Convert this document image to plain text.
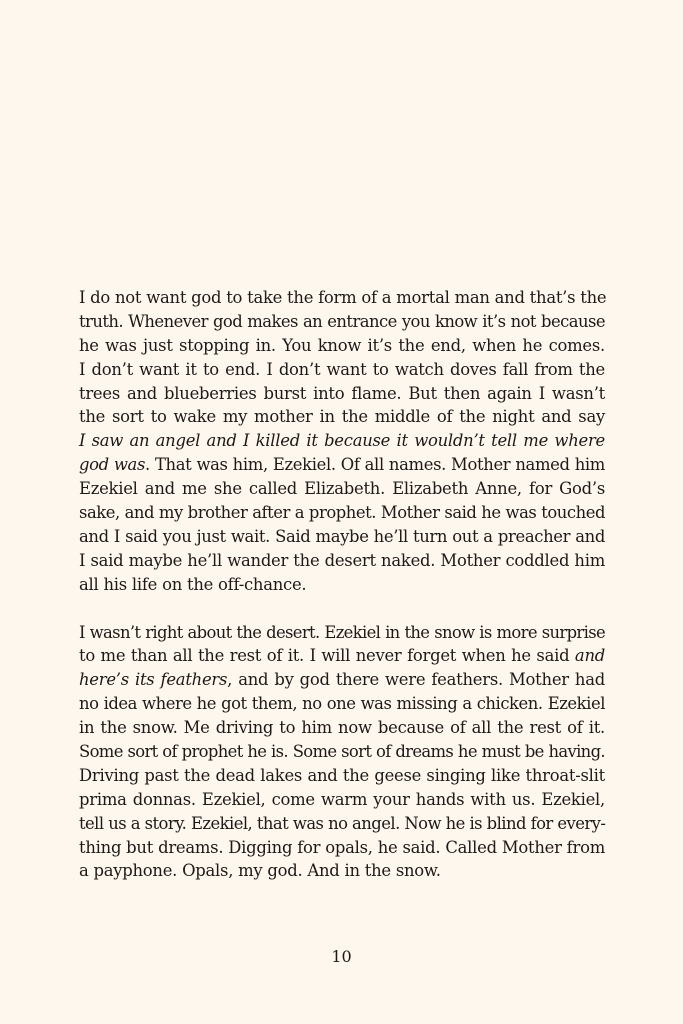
I do not want god to take the form of a mortal man and that’s the
truth. Whenever god makes an entrance you know it’s not because
he was just stopping in. You know it’s the end, when he comes.
I don’t want it to end. I don’t want to watch doves fall from the
trees and blueberries burst into flame. But then again I wasn’t
the sort to wake my mother in the middle of the night and say
I saw an angel and I killed it because it wouldn’t tell me where
god was. That was him, Ezekiel. Of all names. Mother named him
Ezekiel and me she called Elizabeth. Elizabeth Anne, for God’s
sake, and my brother after a prophet. Mother said he was touched
and I said you just wait. Said maybe he’ll turn out a preacher and
I said maybe he’ll wander the desert naked. Mother coddled him
all his life on the off-chance.
I wasn’t right about the desert. Ezekiel in the snow is more surprise
to me than all the rest of it. I will never forget when he said and
here’s its feathers, and by god there were feathers. Mother had
no idea where he got them, no one was missing a chicken. Ezekiel
in the snow. Me driving to him now because of all the rest of it.
Some sort of prophet he is. Some sort of dreams he must be having.
Driving past the dead lakes and the geese singing like throat-slit
prima donnas. Ezekiel, come warm your hands with us. Ezekiel,
tell us a story. Ezekiel, that was no angel. Now he is blind for every-
thing but dreams. Digging for opals, he said. Called Mother from
a payphone. Opals, my god. And in the snow.
10
